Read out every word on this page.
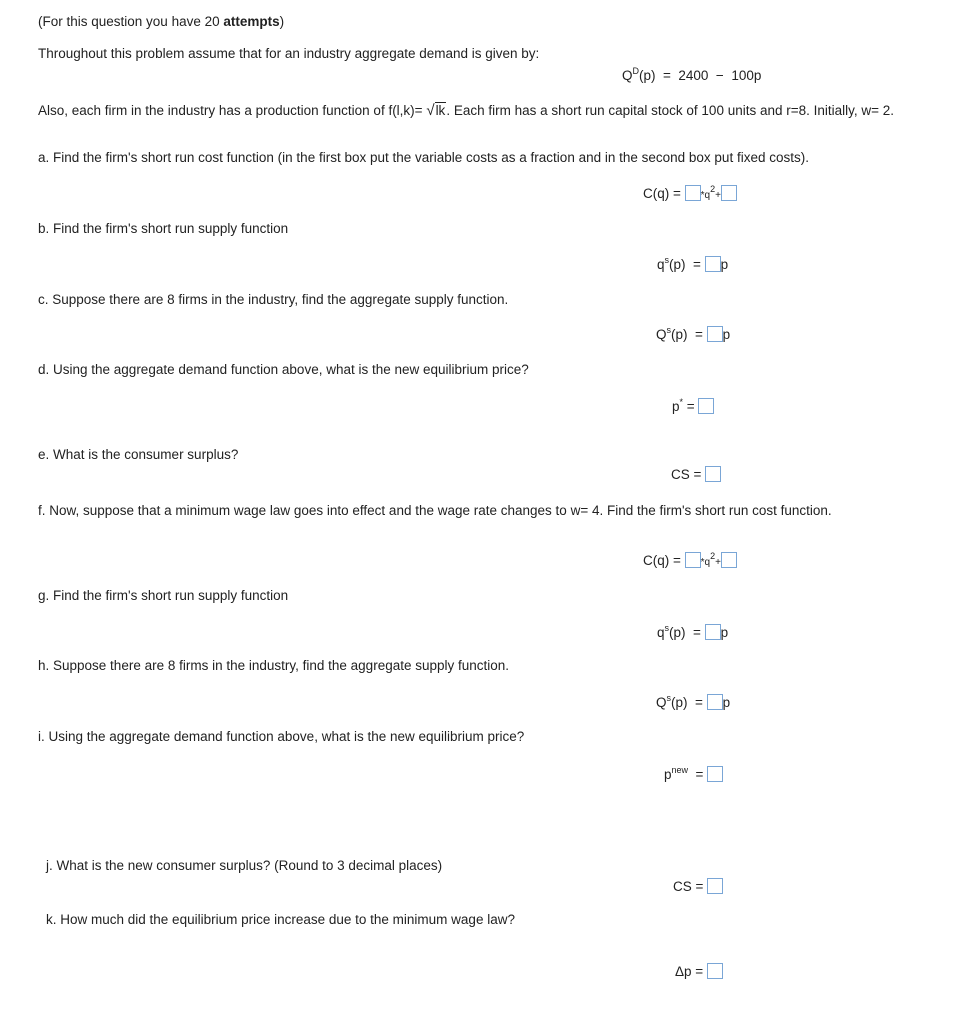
(For this question you have 20 attempts)
Throughout this problem assume that for an industry aggregate demand is given by:
$Q^D(p) = 2400 - 100p$
Also, each firm in the industry has a production function of f(l,k)= √lk. Each firm has a short run capital stock of 100 units and r=8. Initially, w= 2.
a. Find the firm's short run cost function (in the first box put the variable costs as a fraction and in the second box put fixed costs).
$C(q) = *q^2+$
b. Find the firm's short run supply function
$q^s(p) = p$
c. Suppose there are 8 firms in the industry, find the aggregate supply function.
$Q^s(p) = p$
d. Using the aggregate demand function above, what is the new equilibrium price?
p* =
e. What is the consumer surplus?
CS =
f. Now, suppose that a minimum wage law goes into effect and the wage rate changes to w= 4. Find the firm's short run cost function.
$C(q) = *q^2+$
g. Find the firm's short run supply function
$q^s(p) = p$
h. Suppose there are 8 firms in the industry, find the aggregate supply function.
$Q^s(p) = p$
i. Using the aggregate demand function above, what is the new equilibrium price?
$p^{new}$  =
j. What is the new consumer surplus? (Round to 3 decimal places)
CS =
k. How much did the equilibrium price increase due to the minimum wage law?
Δp =
